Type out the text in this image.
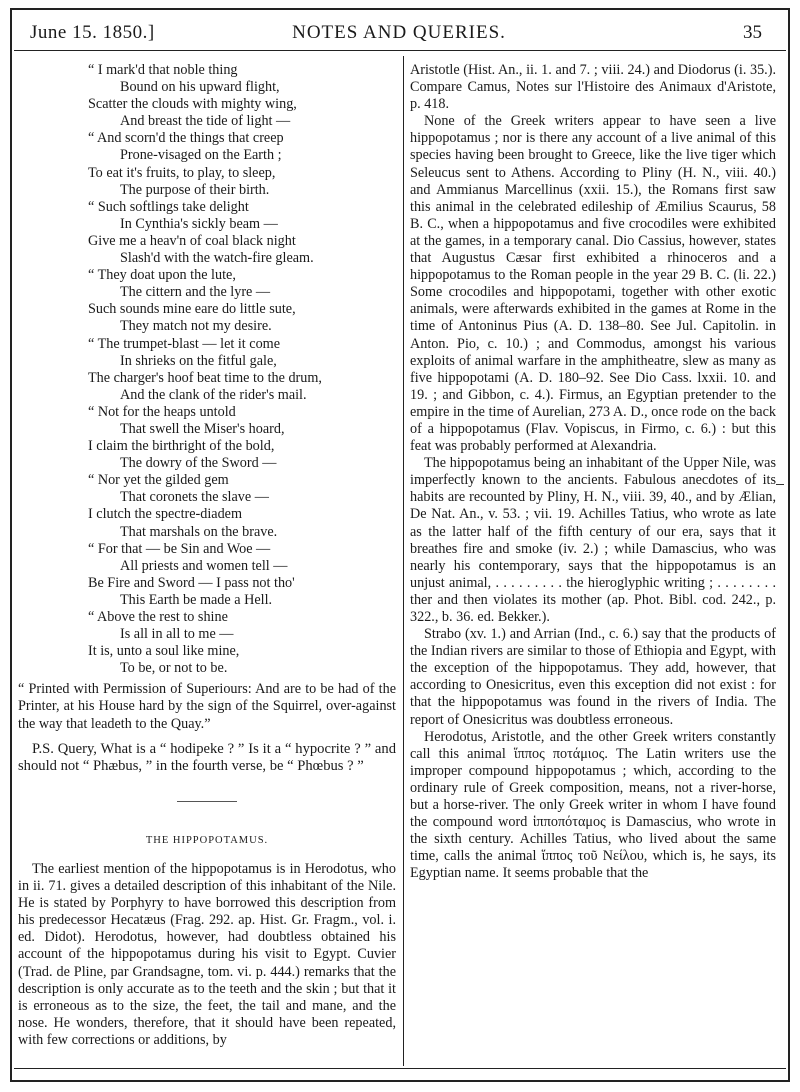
June 15. 1850.]	NOTES AND QUERIES.	35
“ I mark'd that noble thing
Bound on his upward flight,
Scatter the clouds with mighty wing,
And breast the tide of light —
“ And scorn'd the things that creep
Prone-visaged on the Earth ;
To eat it's fruits, to play, to sleep,
The purpose of their birth.
“ Such softlings take delight
In Cynthia's sickly beam —
Give me a heav'n of coal black night
Slash'd with the watch-fire gleam.
“ They doat upon the lute,
The cittern and the lyre —
Such sounds mine eare do little sute,
They match not my desire.
“ The trumpet-blast — let it come
In shrieks on the fitful gale,
The charger's hoof beat time to the drum,
And the clank of the rider's mail.
“ Not for the heaps untold
That swell the Miser's hoard,
I claim the birthright of the bold,
The dowry of the Sword —
“ Nor yet the gilded gem
That coronets the slave —
I clutch the spectre-diadem
That marshals on the brave.
“ For that — be Sin and Woe —
All priests and women tell —
Be Fire and Sword — I pass not tho'
This Earth be made a Hell.
“ Above the rest to shine
Is all in all to me —
It is, unto a soul like mine,
To be, or not to be.

“ Printed with Permission of Superiours: And are to be had of the Printer, at his House hard by the sign of the Squirrel, over-against the way that leadeth to the Quay.”

P.S. Query, What is a “ hodipeke ? ” Is it a “ hypocrite ? ” and should not “ Phæbus, ” in the fourth verse, be “ Phœbus ? ”

THE HIPPOPOTAMUS.

The earliest mention of the hippopotamus is in Herodotus, who in ii. 71. gives a detailed description of this inhabitant of the Nile. He is stated by Porphyry to have borrowed this description from his predecessor Hecatæus (Frag. 292. ap. Hist. Gr. Fragm., vol. i. ed. Didot). Herodotus, however, had doubtless obtained his account of the hippopotamus during his visit to Egypt. Cuvier (Trad. de Pline, par Grandsagne, tom. vi. p. 444.) remarks that the description is only accurate as to the teeth and the skin ; but that it is erroneous as to the size, the feet, the tail and mane, and the nose. He wonders, therefore, that it should have been repeated, with few corrections or additions, by

Aristotle (Hist. An., ii. 1. and 7. ; viii. 24.) and Diodorus (i. 35.). Compare Camus, Notes sur l'Histoire des Animaux d'Aristote, p. 418.

None of the Greek writers appear to have seen a live hippopotamus ; nor is there any account of a live animal of this species having been brought to Greece, like the live tiger which Seleucus sent to Athens. According to Pliny (H. N., viii. 40.) and Ammianus Marcellinus (xxii. 15.), the Romans first saw this animal in the celebrated edileship of Æmilius Scaurus, 58 B. C., when a hippopotamus and five crocodiles were exhibited at the games, in a temporary canal. Dio Cassius, however, states that Augustus Cæsar first exhibited a rhinoceros and a hippopotamus to the Roman people in the year 29 B. C. (li. 22.) Some crocodiles and hippopotami, together with other exotic animals, were afterwards exhibited in the games at Rome in the time of Antoninus Pius (A. D. 138–80. See Jul. Capitolin. in Anton. Pio, c. 10.) ; and Commodus, amongst his various exploits of animal warfare in the amphitheatre, slew as many as five hippopotami (A. D. 180–92. See Dio Cass. lxxii. 10. and 19. ; and Gibbon, c. 4.). Firmus, an Egyptian pretender to the empire in the time of Aurelian, 273 A. D., once rode on the back of a hippopotamus (Flav. Vopiscus, in Firmo, c. 6.) : but this feat was probably performed at Alexandria.

The hippopotamus being an inhabitant of the Upper Nile, was imperfectly known to the ancients. Fabulous anecdotes of its habits are recounted by Pliny, H. N., viii. 39, 40., and by Ælian, De Nat. An., v. 53. ; vii. 19. Achilles Tatius, who wrote as late as the latter half of the fifth century of our era, says that it breathes fire and smoke (iv. 2.) ; while Damascius, who was nearly his contemporary, says that the hippopotamus is an unjust animal, . . . . . . . . . the hieroglyphic writing ; . . . . . . . . ther and then violates its mother (ap. Phot. Bibl. cod. 242., p. 322., b. 36. ed. Bekker.).

Strabo (xv. 1.) and Arrian (Ind., c. 6.) say that the products of the Indian rivers are similar to those of Ethiopia and Egypt, with the exception of the hippopotamus. They add, however, that according to Onesicritus, even this exception did not exist : for that the hippopotamus was found in the rivers of India. The report of Onesicritus was doubtless erroneous.

Herodotus, Aristotle, and the other Greek writers constantly call this animal ἵππος ποτάμιος. The Latin writers use the improper compound hippopotamus ; which, according to the ordinary rule of Greek composition, means, not a river-horse, but a horse-river. The only Greek writer in whom I have found the compound word ἱπποπόταμος is Damascius, who wrote in the sixth century. Achilles Tatius, who lived about the same time, calls the animal ἵππος τοῦ Νείλου, which is, he says, its Egyptian name. It seems probable that the
